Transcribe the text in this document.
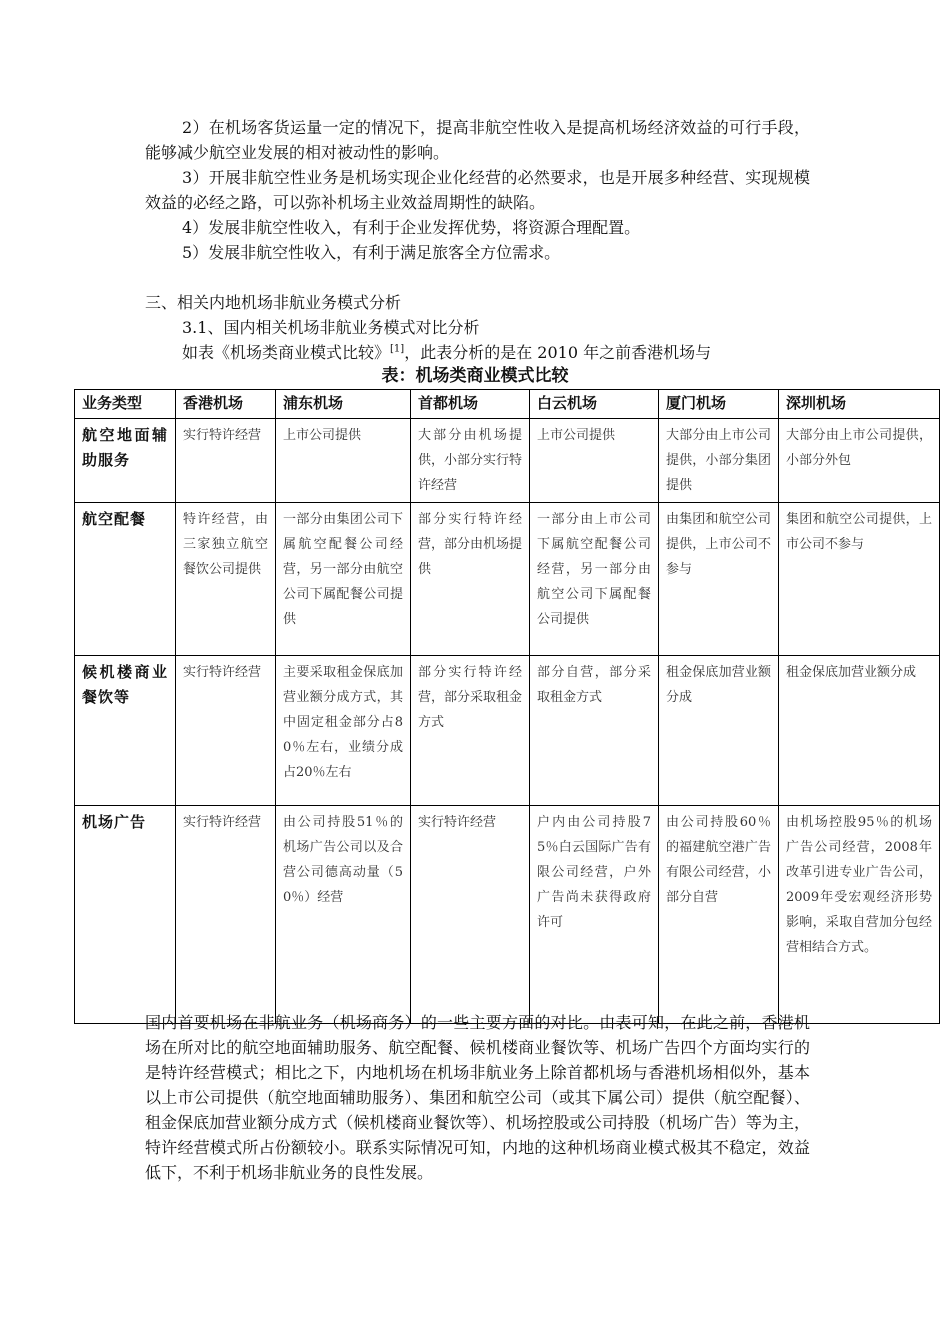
2）在机场客货运量一定的情况下，提高非航空性收入是提高机场经济效益的可行手段，能够减少航空业发展的相对被动性的影响。

3）开展非航空性业务是机场实现企业化经营的必然要求，也是开展多种经营、实现规模效益的必经之路，可以弥补机场主业效益周期性的缺陷。

4）发展非航空性收入，有利于企业发挥优势，将资源合理配置。

5）发展非航空性收入，有利于满足旅客全方位需求。

三、相关内地机场非航业务模式分析

3.1、国内相关机场非航业务模式对比分析

如表《机场类商业模式比较》[1]，此表分析的是在 2010 年之前香港机场与

表：机场类商业模式比较

业务类型	香港机场	浦东机场	首都机场	白云机场	厦门机场	深圳机场
航空地面辅助服务	实行特许经营	上市公司提供	大部分由机场提供，小部分实行特许经营	上市公司提供	大部分由上市公司提供，小部分集团提供	大部分由上市公司提供，小部分外包
航空配餐	特许经营，由三家独立航空餐饮公司提供	一部分由集团公司下属航空配餐公司经营，另一部分由航空公司下属配餐公司提供	部分实行特许经营，部分由机场提供	一部分由上市公司下属航空配餐公司经营，另一部分由航空公司下属配餐公司提供	由集团和航空公司提供，上市公司不参与	集团和航空公司提供，上市公司不参与
候机楼商业餐饮等	实行特许经营	主要采取租金保底加营业额分成方式，其中固定租金部分占80％左右，业绩分成占20％左右	部分实行特许经营，部分采取租金方式	部分自营，部分采取租金方式	租金保底加营业额分成	租金保底加营业额分成
机场广告	实行特许经营	由公司持股51％的机场广告公司以及合营公司德高动量（50％）经营	实行特许经营	户内由公司持股75％白云国际广告有限公司经营，户外广告尚未获得政府许可	由公司持股60％的福建航空港广告有限公司经营，小部分自营	由机场控股95％的机场广告公司经营，2008年改革引进专业广告公司，2009年受宏观经济形势影响，采取自营加分包经营相结合方式。

国内首要机场在非航业务（机场商务）的一些主要方面的对比。由表可知，在此之前，香港机场在所对比的航空地面辅助服务、航空配餐、候机楼商业餐饮等、机场广告四个方面均实行的是特许经营模式；相比之下，内地机场在机场非航业务上除首都机场与香港机场相似外，基本以上市公司提供（航空地面辅助服务）、集团和航空公司（或其下属公司）提供（航空配餐）、租金保底加营业额分成方式（候机楼商业餐饮等）、机场控股或公司持股（机场广告）等为主，特许经营模式所占份额较小。联系实际情况可知，内地的这种机场商业模式极其不稳定，效益低下，不利于机场非航业务的良性发展。
